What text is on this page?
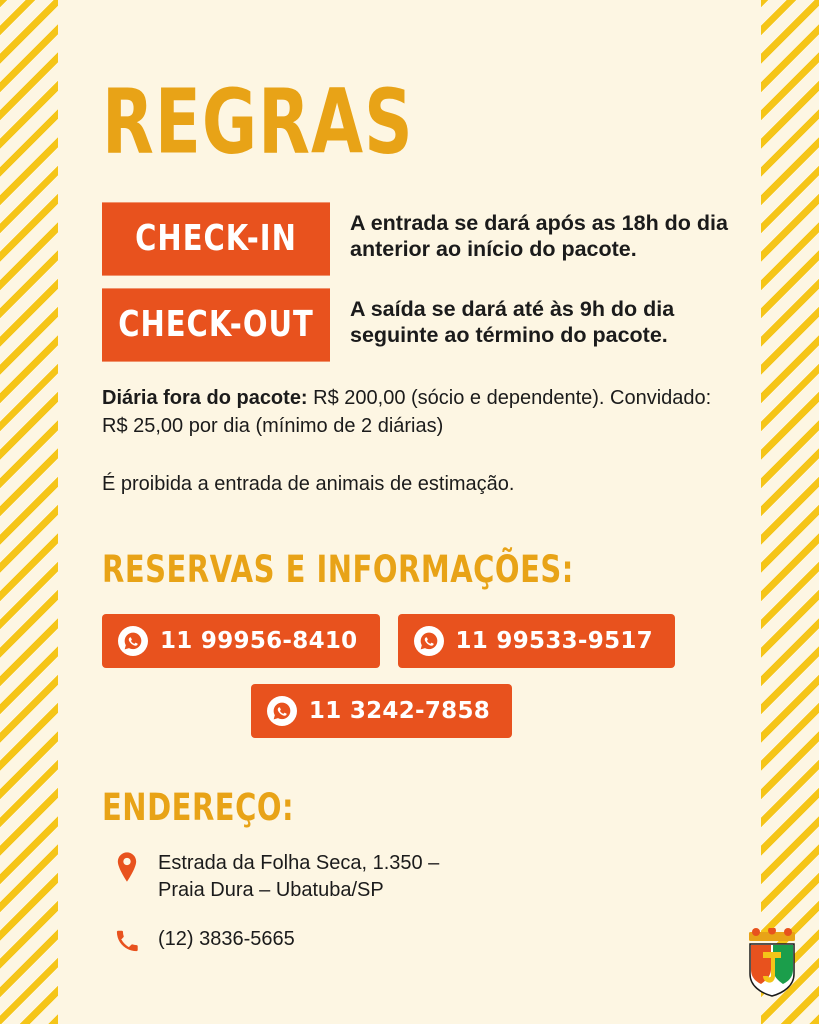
REGRAS
CHECK-IN	A entrada se dará após as 18h do dia anterior ao início do pacote.
CHECK-OUT	A saída se dará até às 9h do dia seguinte ao término do pacote.
Diária fora do pacote: R$ 200,00 (sócio e dependente). Convidado: R$ 25,00 por dia (mínimo de 2 diárias)
É proibida a entrada de animais de estimação.
RESERVAS E INFORMAÇÕES:
11 99956-8410	11 99533-9517
11 3242-7858
ENDEREÇO:
Estrada da Folha Seca, 1.350 –
Praia Dura – Ubatuba/SP
(12) 3836-5665
